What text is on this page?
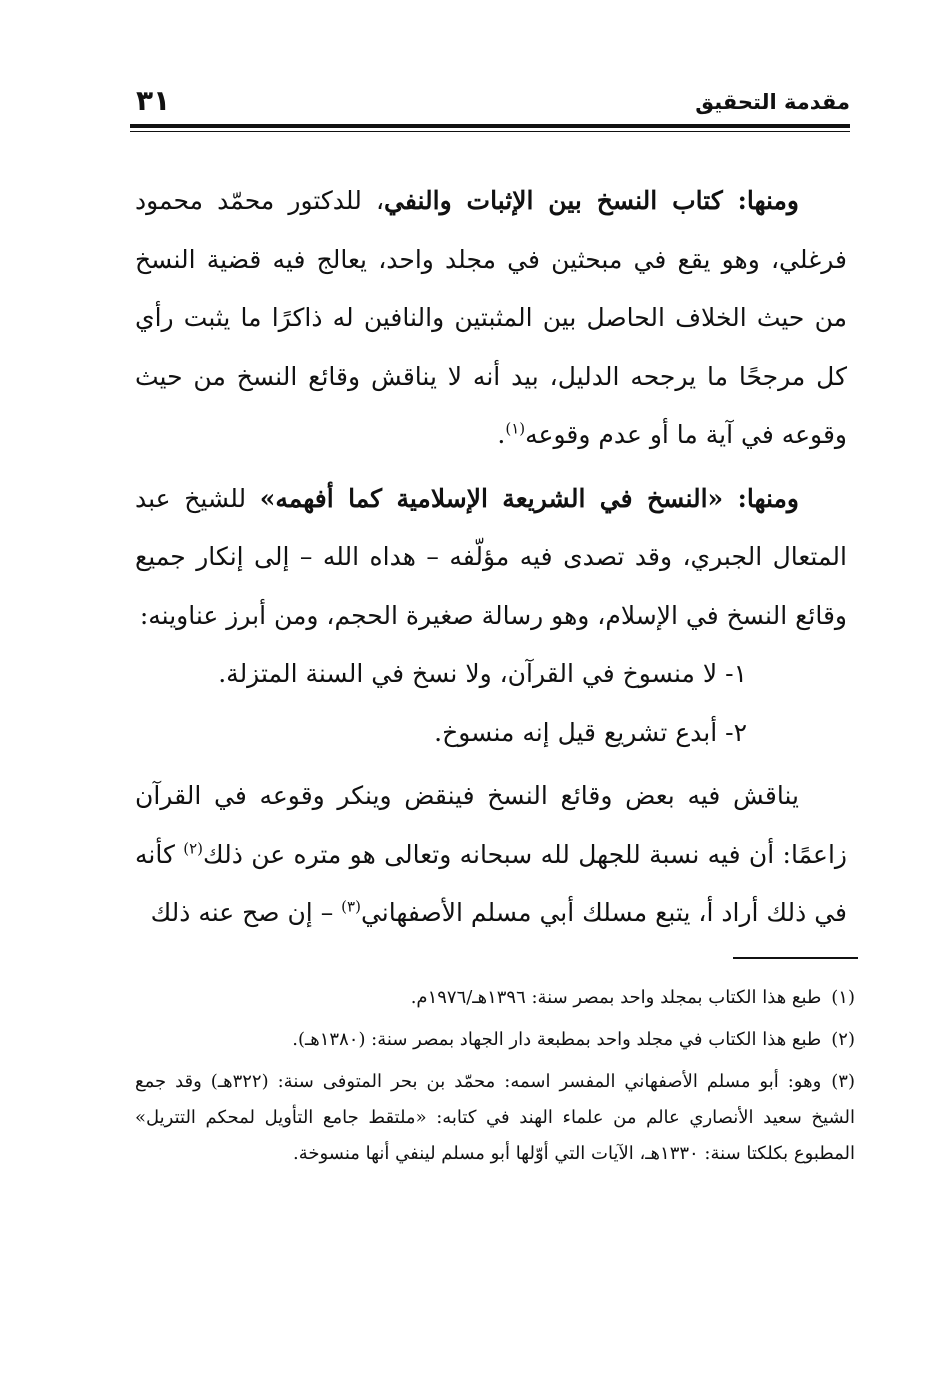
مقدمة التحقيق
٣١

ومنها: كتاب النسخ بين الإثبات والنفي، للدكتور محمّد محمود فرغلي، وهو يقع في مبحثين في مجلد واحد، يعالج فيه قضية النسخ من حيث الخلاف الحاصل بين المثبتين والنافين له ذاكرًا ما يثبت رأي كل مرجحًا ما يرجحه الدليل، بيد أنه لا يناقش وقائع النسخ من حيث وقوعه في آية ما أو عدم وقوعه$^{(١)}$.

ومنها: «النسخ في الشريعة الإسلامية كما أفهمه» للشيخ عبد المتعال الجبري، وقد تصدى فيه مؤلّفه – هداه الله – إلى إنكار جميع وقائع النسخ في الإسلام، وهو رسالة صغيرة الحجم، ومن أبرز عناوينه:

١- لا منسوخ في القرآن، ولا نسخ في السنة المتزلة.

٢- أبدع تشريع قيل إنه منسوخ.

يناقش فيه بعض وقائع النسخ فينقض وينكر وقوعه في القرآن زاعمًا: أن فيه نسبة للجهل لله سبحانه وتعالى هو متره عن ذلك$^{(٢)}$ كأنه في ذلك أراد أ، يتبع مسلك أبي مسلم الأصفهاني$^{(٣)}$ – إن صح عنه ذلك

(١)طبع هذا الكتاب بمجلد واحد بمصر سنة: ١٣٩٦هـ/١٩٧٦م.

(٢)طبع هذا الكتاب في مجلد واحد بمطبعة دار الجهاد بمصر سنة: (١٣٨٠هـ).

(٣)وهو: أبو مسلم الأصفهاني المفسر اسمه: محمّد بن بحر المتوفى سنة: (٣٢٢هـ) وقد جمع الشيخ سعيد الأنصاري عالم من علماء الهند في كتابه: «ملتقط جامع التأويل لمحكم التتريل» المطبوع بكلكتا سنة: ١٣٣٠هـ، الآيات التي أوّلها أبو مسلم لينفي أنها منسوخة.
